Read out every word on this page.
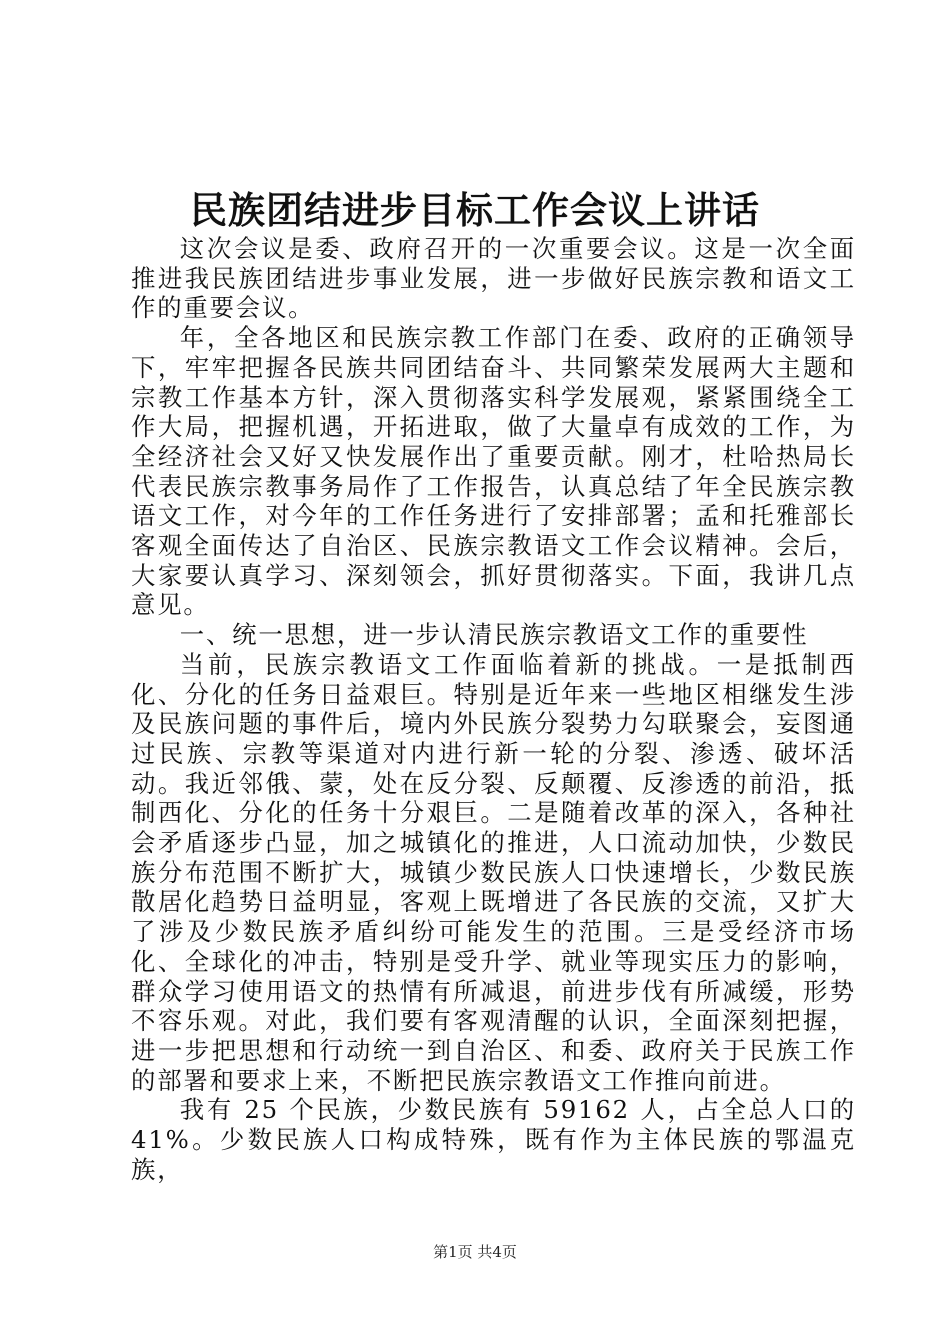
民族团结进步目标工作会议上讲话

这次会议是委、政府召开的一次重要会议。这是一次全面推进我民族团结进步事业发展，进一步做好民族宗教和语文工作的重要会议。

年，全各地区和民族宗教工作部门在委、政府的正确领导下，牢牢把握各民族共同团结奋斗、共同繁荣发展两大主题和宗教工作基本方针，深入贯彻落实科学发展观，紧紧围绕全工作大局，把握机遇，开拓进取，做了大量卓有成效的工作，为全经济社会又好又快发展作出了重要贡献。刚才，杜哈热局长代表民族宗教事务局作了工作报告，认真总结了年全民族宗教语文工作，对今年的工作任务进行了安排部署；孟和托雅部长客观全面传达了自治区、民族宗教语文工作会议精神。会后，大家要认真学习、深刻领会，抓好贯彻落实。下面，我讲几点意见。

一、统一思想，进一步认清民族宗教语文工作的重要性

当前，民族宗教语文工作面临着新的挑战。一是抵制西化、分化的任务日益艰巨。特别是近年来一些地区相继发生涉及民族问题的事件后，境内外民族分裂势力勾联聚会，妄图通过民族、宗教等渠道对内进行新一轮的分裂、渗透、破坏活动。我近邻俄、蒙，处在反分裂、反颠覆、反渗透的前沿，抵制西化、分化的任务十分艰巨。二是随着改革的深入，各种社会矛盾逐步凸显，加之城镇化的推进，人口流动加快，少数民族分布范围不断扩大，城镇少数民族人口快速增长，少数民族散居化趋势日益明显，客观上既增进了各民族的交流，又扩大了涉及少数民族矛盾纠纷可能发生的范围。三是受经济市场化、全球化的冲击，特别是受升学、就业等现实压力的影响，群众学习使用语文的热情有所减退，前进步伐有所减缓，形势不容乐观。对此，我们要有客观清醒的认识，全面深刻把握，进一步把思想和行动统一到自治区、和委、政府关于民族工作的部署和要求上来，不断把民族宗教语文工作推向前进。

我有 25 个民族，少数民族有 59162 人，占全总人口的 41%。少数民族人口构成特殊，既有作为主体民族的鄂温克族，

第1页 共4页
